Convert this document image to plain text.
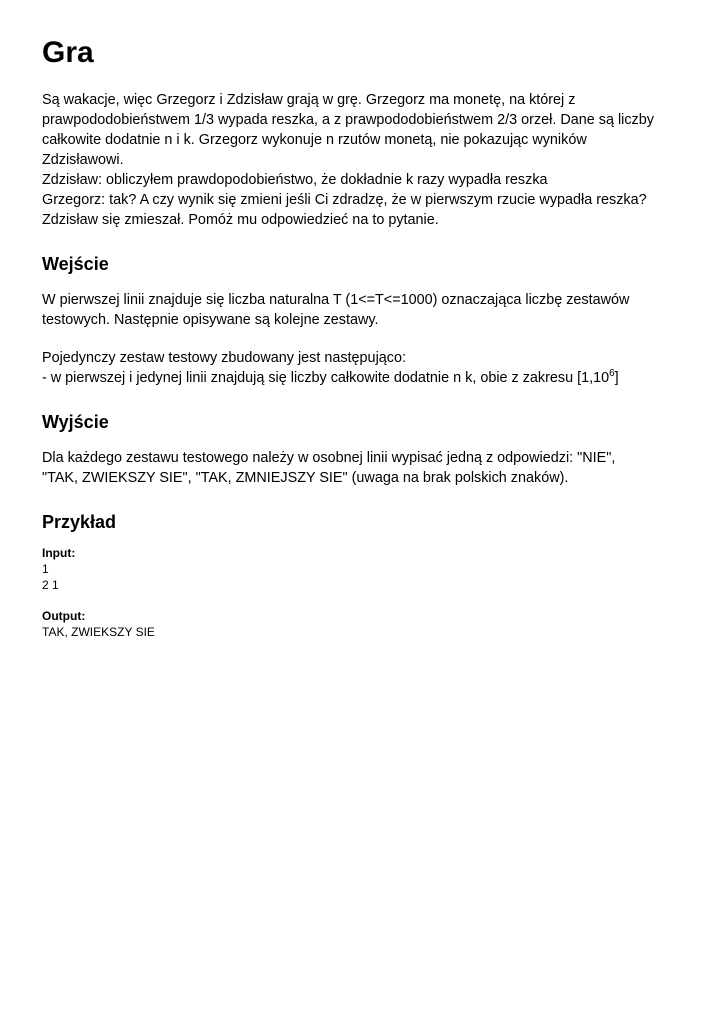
Gra
Są wakacje, więc Grzegorz i Zdzisław grają w grę. Grzegorz ma monetę, na której z
prawpododobieństwem 1/3 wypada reszka, a z prawpododobieństwem 2/3 orzeł. Dane są liczby
całkowite dodatnie n i k. Grzegorz wykonuje n rzutów monetą, nie pokazując wyników
Zdzisławowi.
Zdzisław: obliczyłem prawdopodobieństwo, że dokładnie k razy wypadła reszka
Grzegorz: tak? A czy wynik się zmieni jeśli Ci zdradzę, że w pierwszym rzucie wypadła reszka?
Zdzisław się zmieszał. Pomóż mu odpowiedzieć na to pytanie.
Wejście
W pierwszej linii znajduje się liczba naturalna T (1<=T<=1000) oznaczająca liczbę zestawów
testowych. Następnie opisywane są kolejne zestawy.
Pojedynczy zestaw testowy zbudowany jest następująco:
- w pierwszej i jedynej linii znajdują się liczby całkowite dodatnie n k, obie z zakresu [1,10$^6$]
Wyjście
Dla każdego zestawu testowego należy w osobnej linii wypisać jedną z odpowiedzi: "NIE",
"TAK, ZWIEKSZY SIE", "TAK, ZMNIEJSZY SIE" (uwaga na brak polskich znaków).
Przykład
Input:
1
2 1
Output:
TAK, ZWIEKSZY SIE
